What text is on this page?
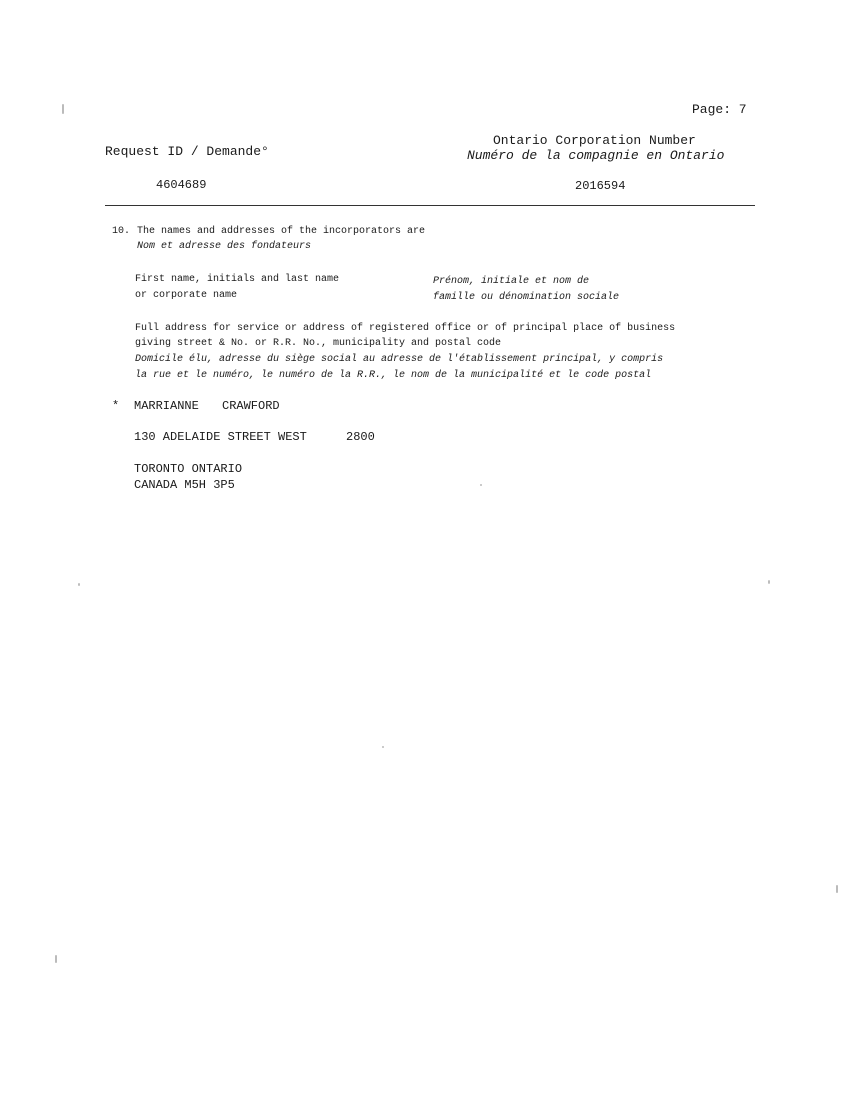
Page: 7
Request ID / Demande°
Ontario Corporation Number
Numéro de la compagnie en Ontario
4604689	2016594
10. The names and addresses of the incorporators are
Nom et adresse des fondateurs
First name, initials and last name
or corporate name
Prénom, initiale et nom de
famille ou dénomination sociale
Full address for service or address of registered office or of principal place of business
giving street & No. or R.R. No., municipality and postal code
Domicile élu, adresse du siège social au adresse de l'établissement principal, y compris
la rue et le numéro, le numéro de la R.R., le nom de la municipalité et le code postal
* MARRIANNE CRAWFORD
130 ADELAIDE STREET WEST	2800
TORONTO ONTARIO
CANADA M5H 3P5
